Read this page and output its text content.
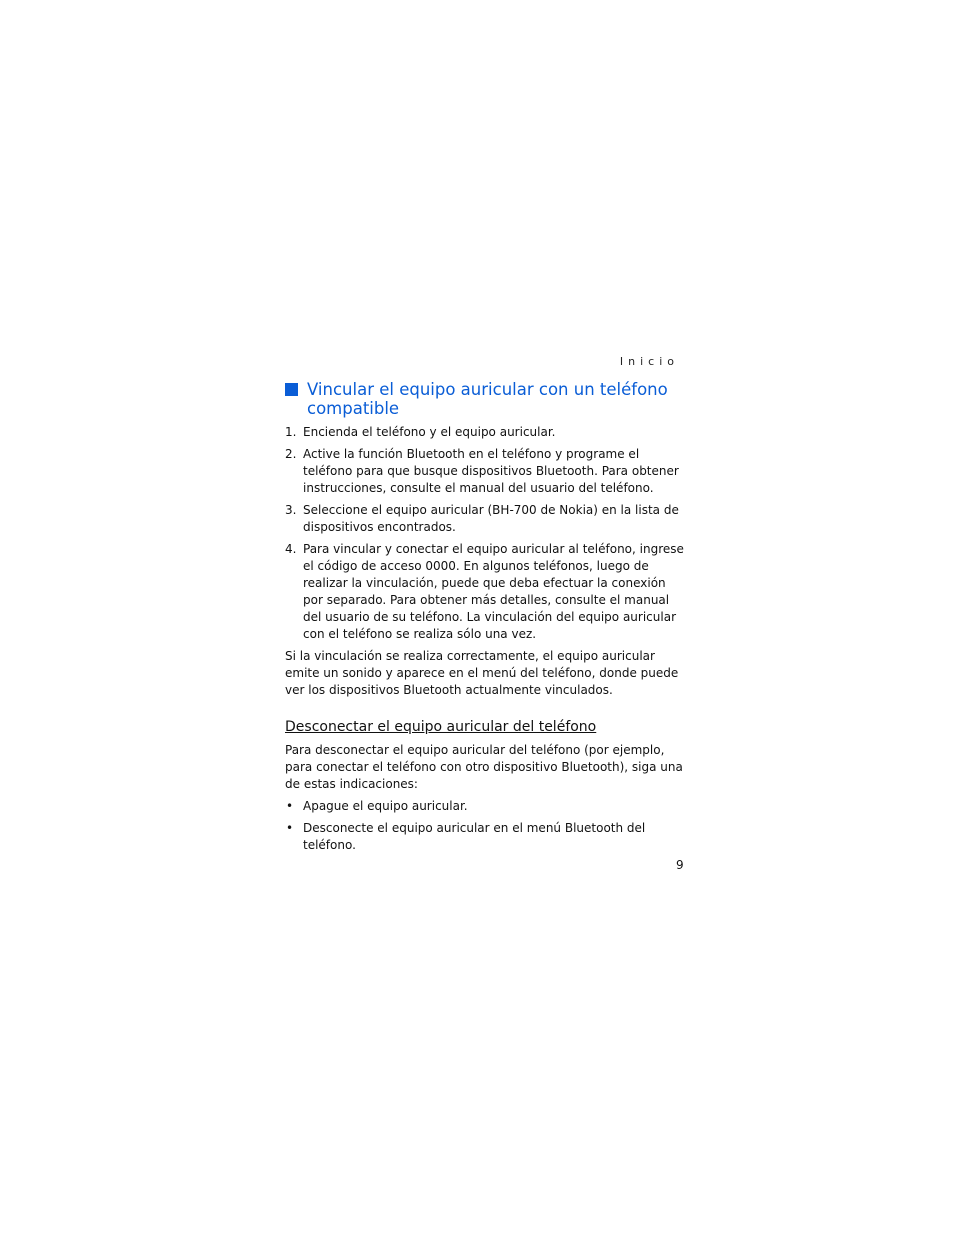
Inicio
Vincular el equipo auricular con un teléfono
compatible
1. Encienda el teléfono y el equipo auricular.
2. Active la función Bluetooth en el teléfono y programe el teléfono para que busque dispositivos Bluetooth. Para obtener instrucciones, consulte el manual del usuario del teléfono.
3. Seleccione el equipo auricular (BH-700 de Nokia) en la lista de dispositivos encontrados.
4. Para vincular y conectar el equipo auricular al teléfono, ingrese el código de acceso 0000. En algunos teléfonos, luego de realizar la vinculación, puede que deba efectuar la conexión por separado. Para obtener más detalles, consulte el manual del usuario de su teléfono. La vinculación del equipo auricular con el teléfono se realiza sólo una vez.

Si la vinculación se realiza correctamente, el equipo auricular emite un sonido y aparece en el menú del teléfono, donde puede ver los dispositivos Bluetooth actualmente vinculados.

Desconectar el equipo auricular del teléfono

Para desconectar el equipo auricular del teléfono (por ejemplo, para conectar el teléfono con otro dispositivo Bluetooth), siga una de estas indicaciones:

• Apague el equipo auricular.
• Desconecte el equipo auricular en el menú Bluetooth del teléfono.
9
